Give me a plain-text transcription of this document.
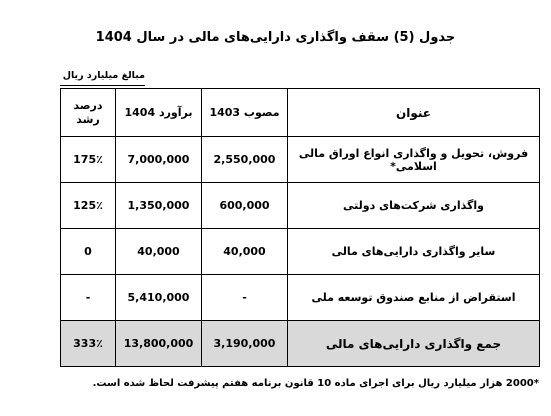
جدول (5) سقف واگذاری دارایی‌های مالی در سال 1404
مبالغ میلیارد ریال
درصد رشد	برآورد 1404	مصوب 1403	عنوان
175٪	7,000,000	2,550,000	فروش، تحویل و واگذاری انواع اوراق مالی اسلامی*
125٪	1,350,000	600,000	واگذاری شرکت‌های دولتی
0	40,000	40,000	سایر واگذاری دارایی‌های مالی
-	5,410,000	-	استقراض از منابع صندوق توسعه ملی
333٪	13,800,000	3,190,000	جمع واگذاری دارایی‌های مالی
*2000 هزار میلیارد ریال برای اجرای ماده 10 قانون برنامه هفتم پیشرفت لحاظ شده است.
